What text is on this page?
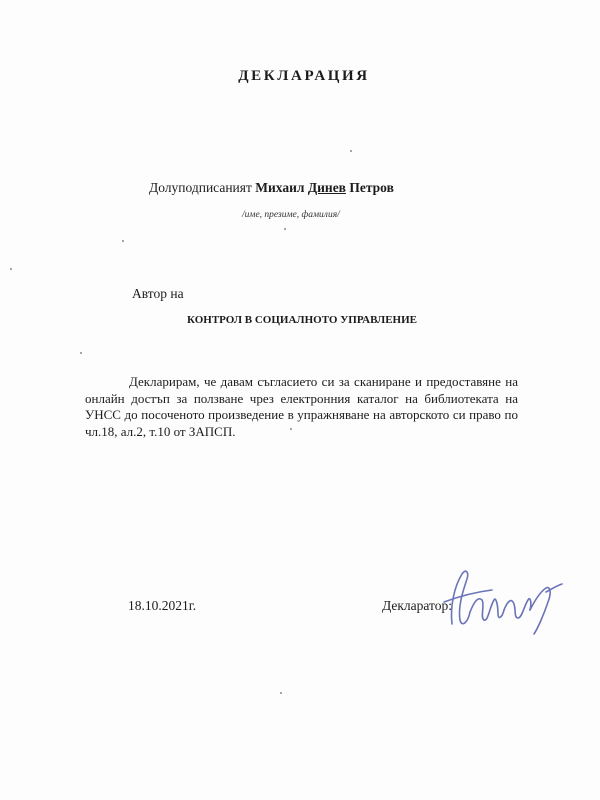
ДЕКЛАРАЦИЯ
Долуподписаният Михаил Динев Петров
/име, презиме, фамилия/
Автор на
КОНТРОЛ В СОЦИАЛНОТО УПРАВЛЕНИЕ
Декларирам, че давам съгласието си за сканиране и предоставяне на онлайн достъп за ползване чрез електронния каталог на библиотеката на УНСС до посоченото произведение в упражняване на авторското си право по чл.18, ал.2, т.10 от ЗАПСП.
18.10.2021г.	Декларатор:
